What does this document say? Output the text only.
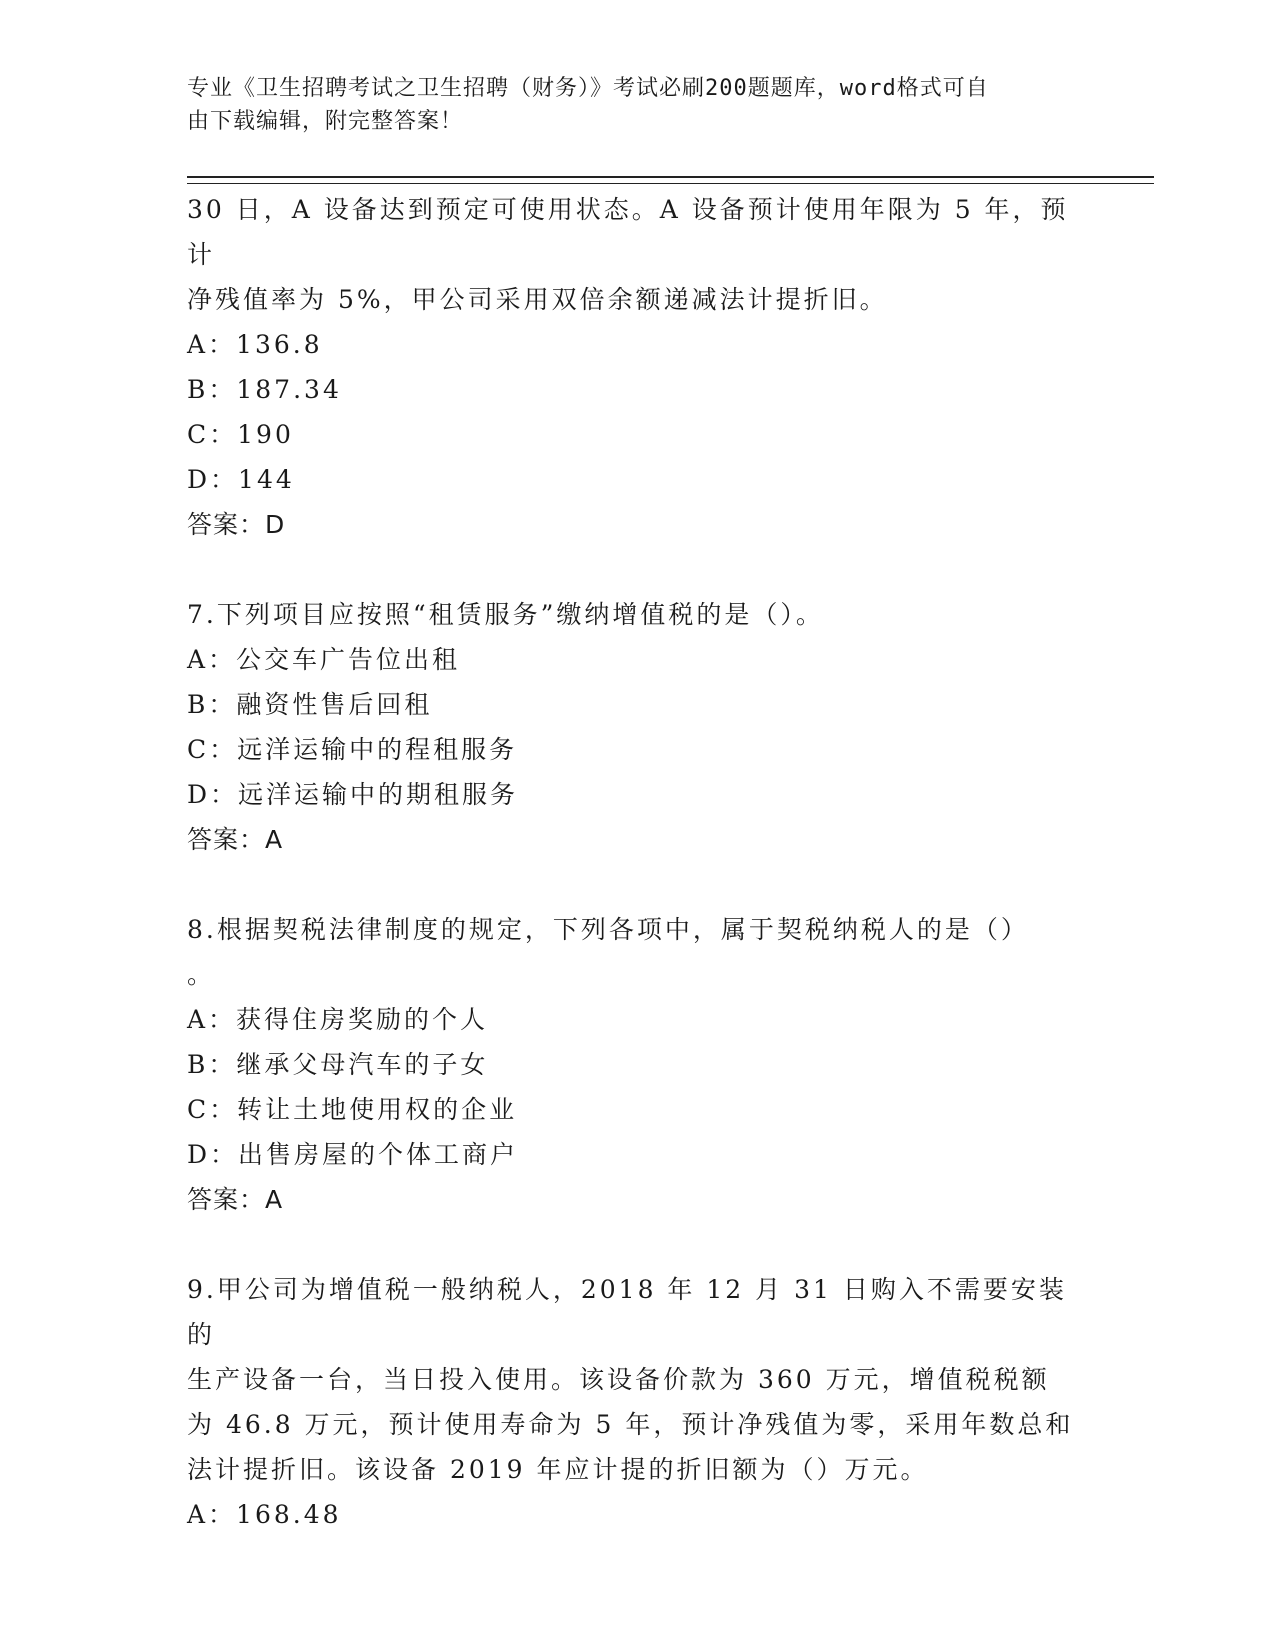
专业《卫生招聘考试之卫生招聘（财务）》考试必刷200题题库，word格式可自
由下载编辑，附完整答案！
30 日，A 设备达到预定可使用状态。A 设备预计使用年限为 5 年，预计
净残值率为 5%，甲公司采用双倍余额递减法计提折旧。
A：136.8
B：187.34
C：190
D：144
答案：D
7.下列项目应按照“租赁服务”缴纳增值税的是（）。
A：公交车广告位出租
B：融资性售后回租
C：远洋运输中的程租服务
D：远洋运输中的期租服务
答案：A
8.根据契税法律制度的规定，下列各项中，属于契税纳税人的是（）
。
A：获得住房奖励的个人
B：继承父母汽车的子女
C：转让土地使用权的企业
D：出售房屋的个体工商户
答案：A
9.甲公司为增值税一般纳税人，2018 年 12 月 31 日购入不需要安装的
生产设备一台，当日投入使用。该设备价款为 360 万元，增值税税额
为 46.8 万元，预计使用寿命为 5 年，预计净残值为零，采用年数总和
法计提折旧。该设备 2019 年应计提的折旧额为（）万元。
A：168.48
